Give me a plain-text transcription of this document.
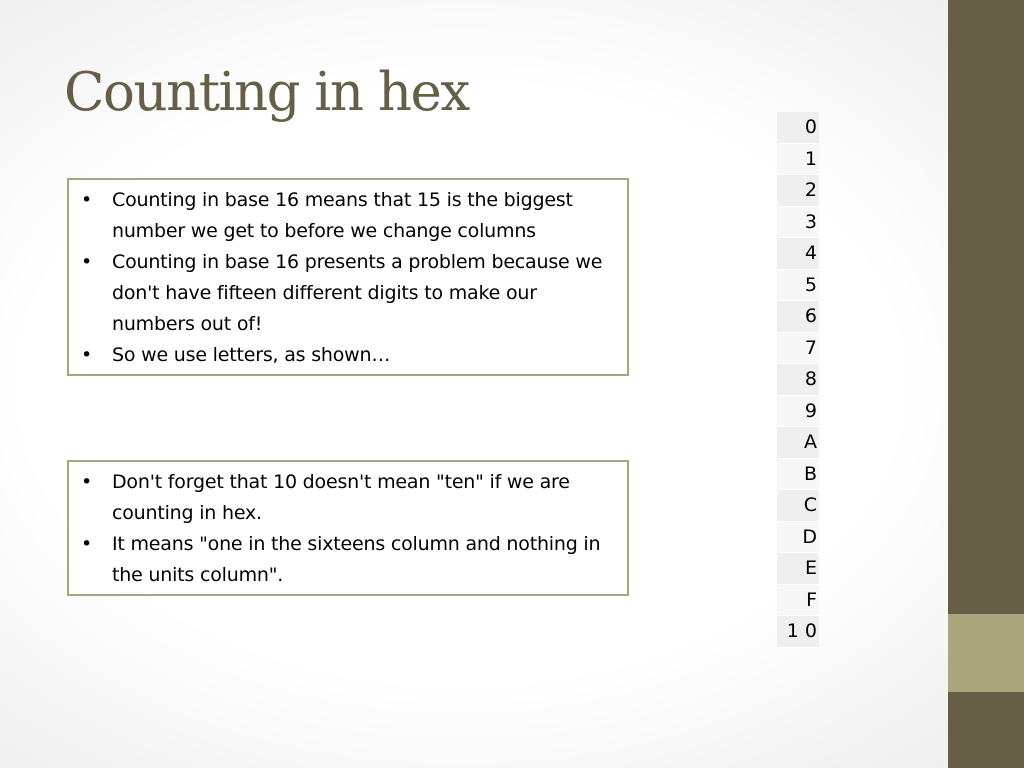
Counting in hex
•	Counting in base 16 means that 15 is the biggest number we get to before we change columns
•	Counting in base 16 presents a problem because we don't have fifteen different digits to make our numbers out of!
•	So we use letters, as shown…
•	Don't forget that 10 doesn't mean "ten" if we are counting in hex.
•	It means "one in the sixteens column and nothing in the units column".
0
1
2
3
4
5
6
7
8
9
A
B
C
D
E
F
1 0
